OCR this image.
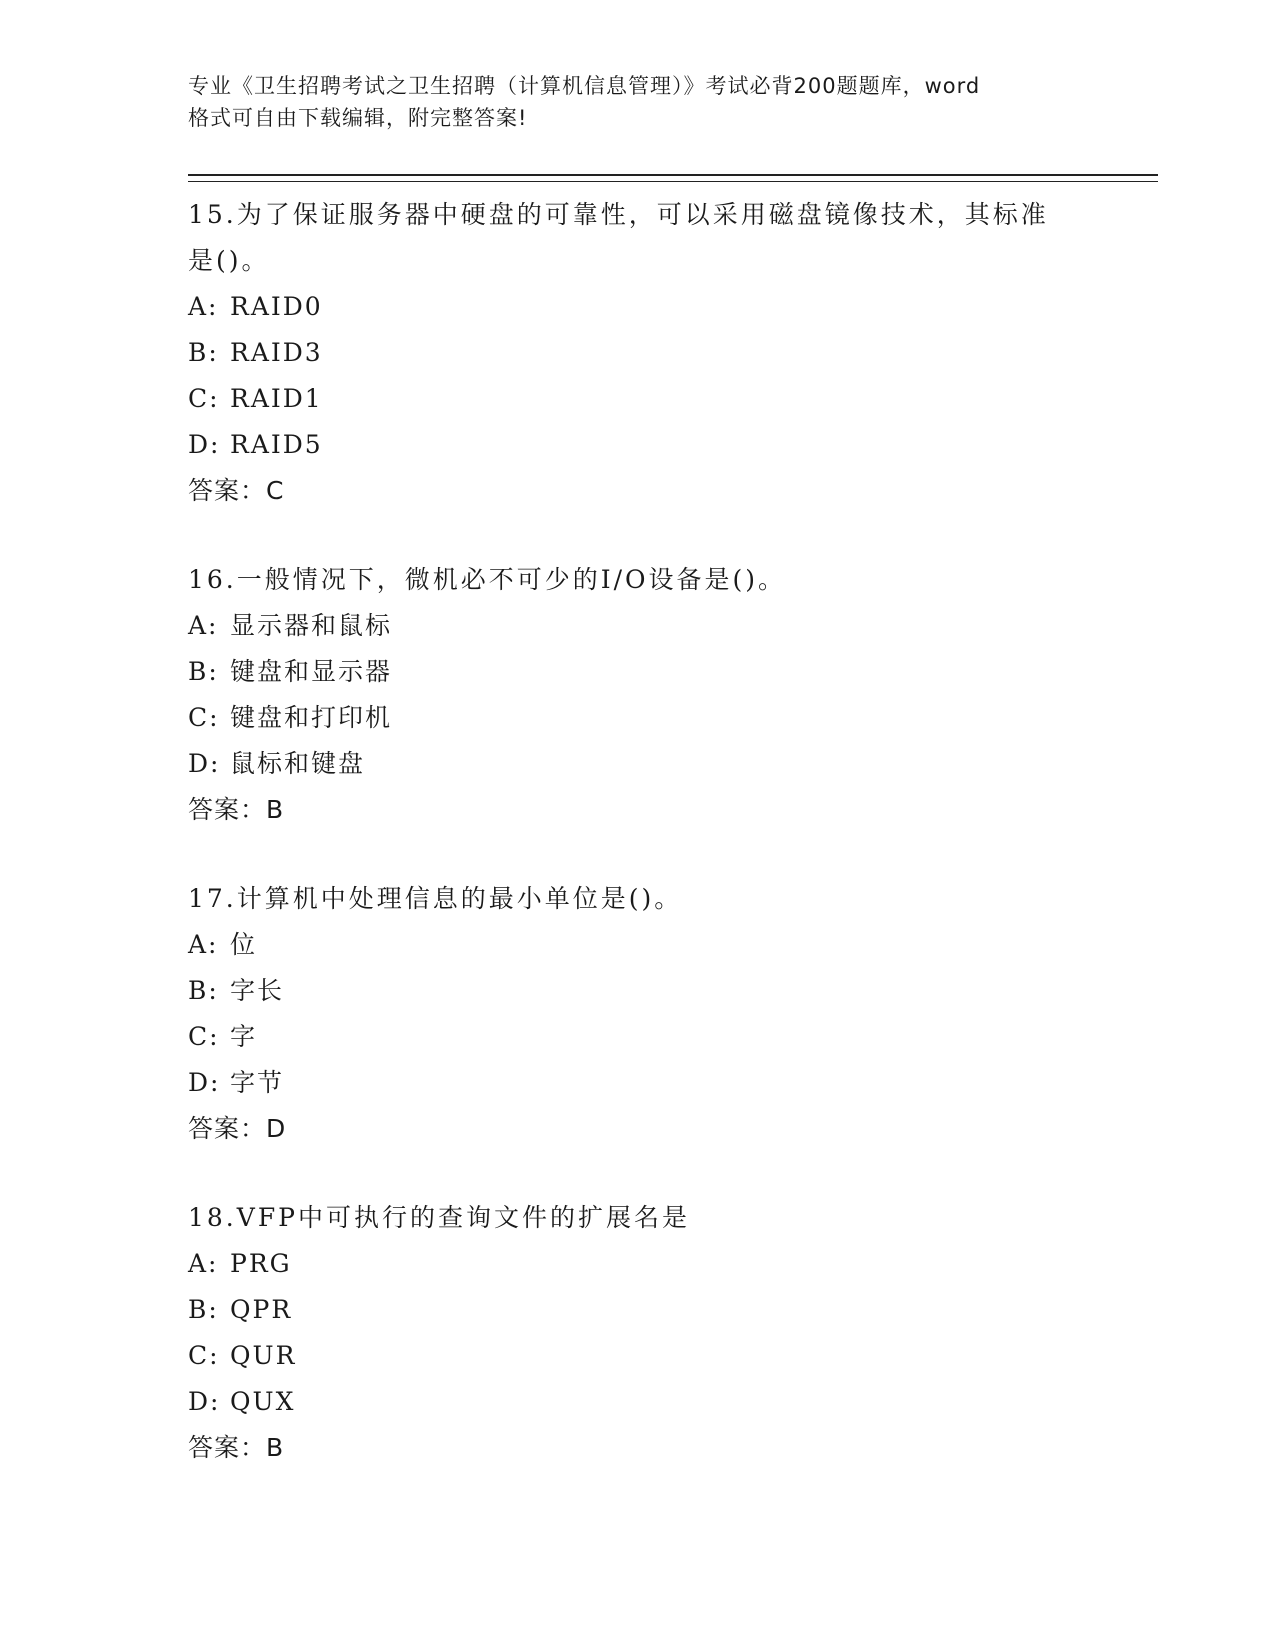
专业《卫生招聘考试之卫生招聘（计算机信息管理）》考试必背200题题库，word
格式可自由下载编辑，附完整答案!

15.为了保证服务器中硬盘的可靠性，可以采用磁盘镜像技术，其标准
是()。

A: RAID0

B: RAID3

C: RAID1

D: RAID5

答案：C

16.一般情况下，微机必不可少的I/O设备是()。

A: 显示器和鼠标

B: 键盘和显示器

C: 键盘和打印机

D: 鼠标和键盘

答案：B

17.计算机中处理信息的最小单位是()。

A: 位

B: 字长

C: 字

D: 字节

答案：D

18.VFP中可执行的查询文件的扩展名是

A: PRG

B: QPR

C: QUR

D: QUX

答案：B
